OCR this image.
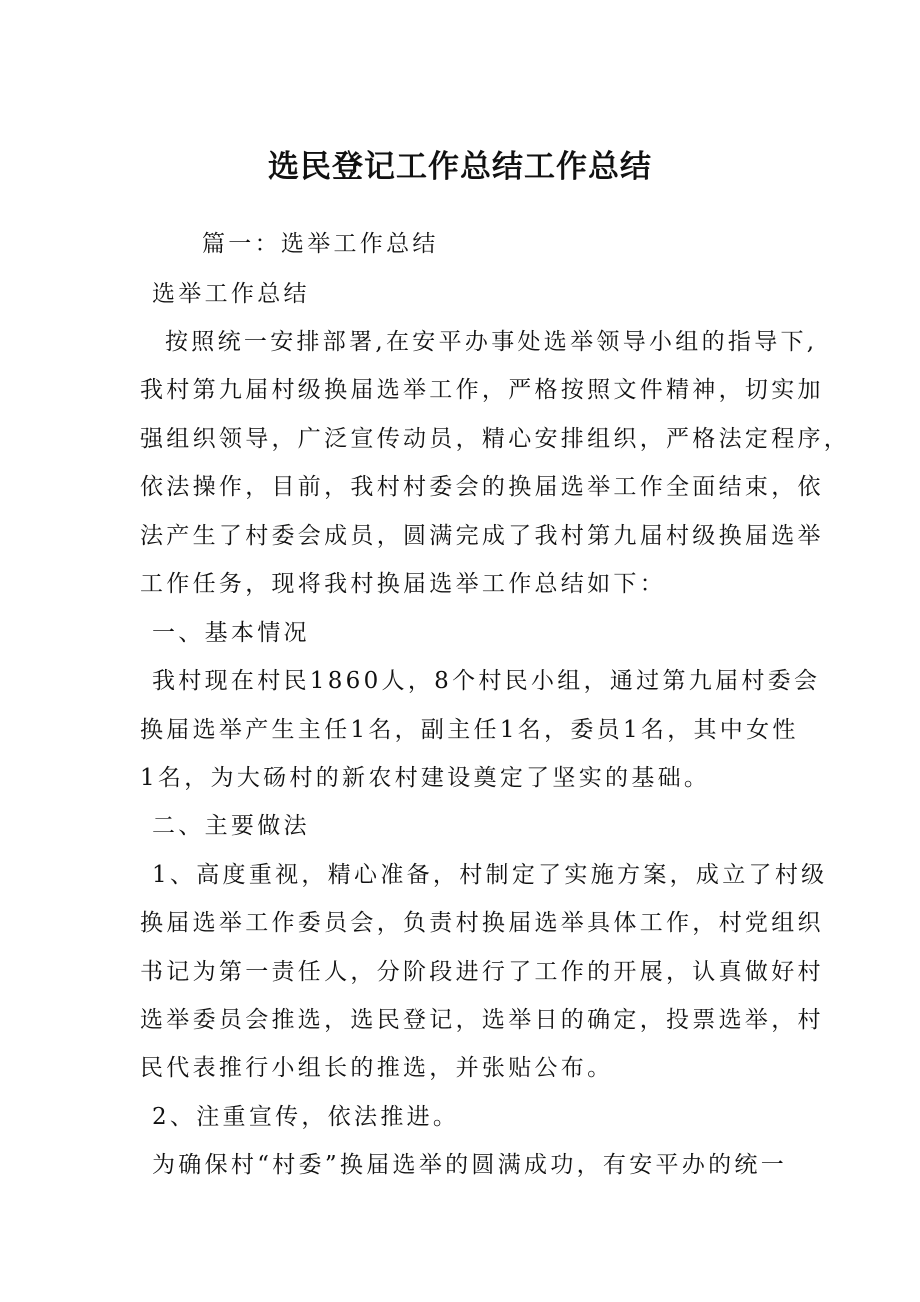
选民登记工作总结工作总结
篇一：选举工作总结
选举工作总结
按照统一安排部署,在安平办事处选举领导小组的指导下,
我村第九届村级换届选举工作，严格按照文件精神，切实加
强组织领导，广泛宣传动员，精心安排组织，严格法定程序，
依法操作，目前，我村村委会的换届选举工作全面结束，依
法产生了村委会成员，圆满完成了我村第九届村级换届选举
工作任务，现将我村换届选举工作总结如下：
一、基本情况
我村现在村民1860人，8个村民小组，通过第九届村委会
换届选举产生主任1名，副主任1名，委员1名，其中女性
1名，为大砀村的新农村建设奠定了坚实的基础。
二、主要做法
1、高度重视，精心准备，村制定了实施方案，成立了村级
换届选举工作委员会，负责村换届选举具体工作，村党组织
书记为第一责任人，分阶段进行了工作的开展，认真做好村
选举委员会推选，选民登记，选举日的确定，投票选举，村
民代表推行小组长的推选，并张贴公布。
2、注重宣传，依法推进。
为确保村“村委”换届选举的圆满成功，有安平办的统一
